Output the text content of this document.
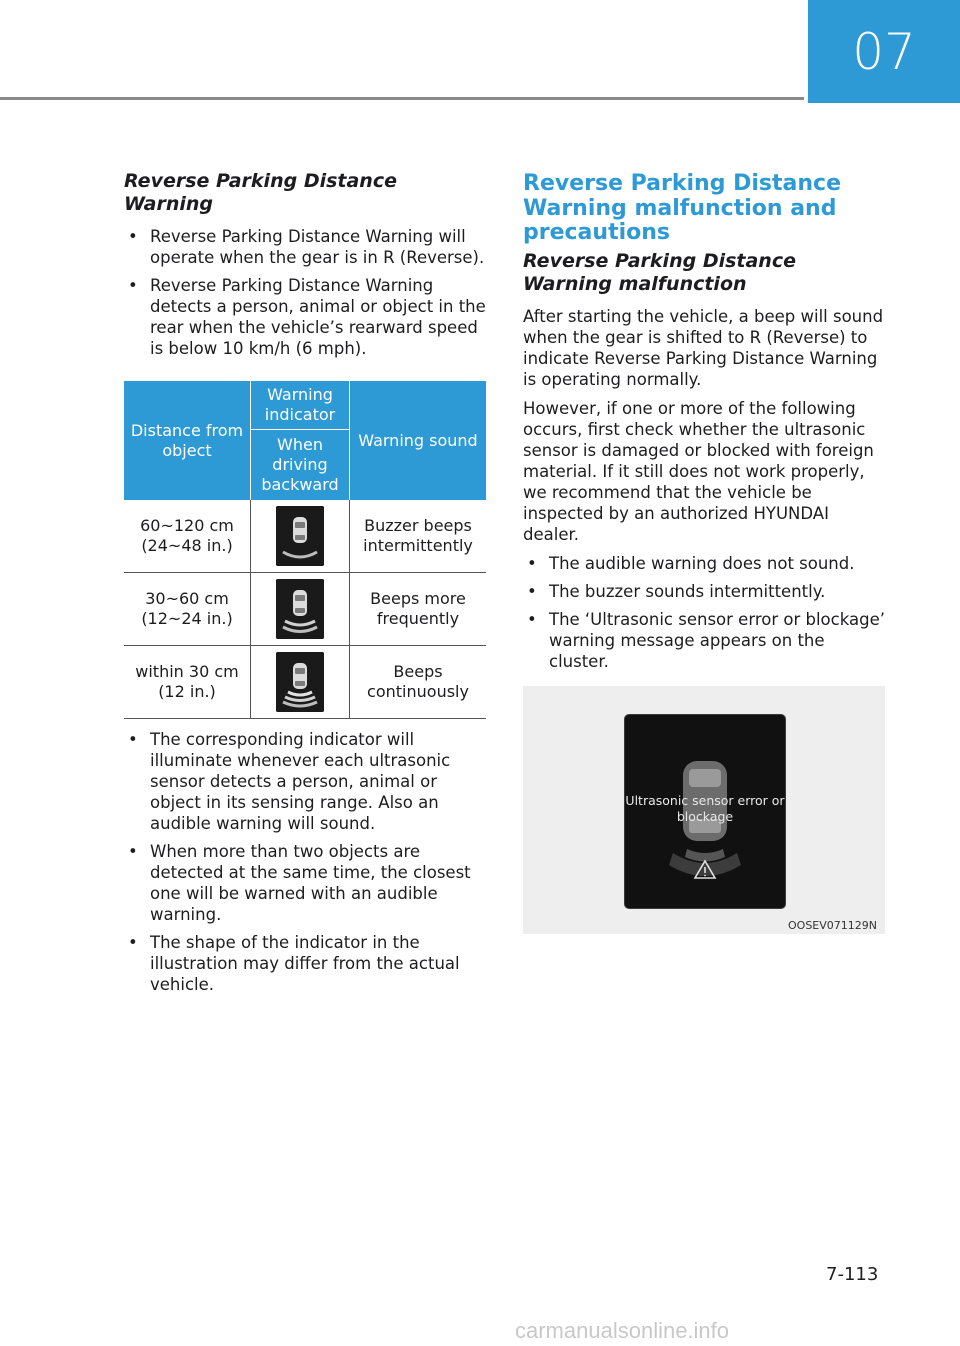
07
Reverse Parking Distance Warning
• Reverse Parking Distance Warning will operate when the gear is in R (Reverse).
• Reverse Parking Distance Warning detects a person, animal or object in the rear when the vehicle’s rearward speed is below 10 km/h (6 mph).
Distance from object	Warning indicator	Warning sound
	When driving backward	
60~120 cm (24~48 in.)		Buzzer beeps intermittently
30~60 cm (12~24 in.)		Beeps more frequently
within 30 cm (12 in.)		Beeps continuously
• The corresponding indicator will illuminate whenever each ultrasonic sensor detects a person, animal or object in its sensing range. Also an audible warning will sound.
• When more than two objects are detected at the same time, the closest one will be warned with an audible warning.
• The shape of the indicator in the illustration may differ from the actual vehicle.
Reverse Parking Distance Warning malfunction and precautions
Reverse Parking Distance Warning malfunction

After starting the vehicle, a beep will sound when the gear is shifted to R (Reverse) to indicate Reverse Parking Distance Warning is operating normally.

However, if one or more of the following occurs, first check whether the ultrasonic sensor is damaged or blocked with foreign material. If it still does not work properly, we recommend that the vehicle be inspected by an authorized HYUNDAI dealer.

• The audible warning does not sound.
• The buzzer sounds intermittently.
• The ‘Ultrasonic sensor error or blockage’ warning message appears on the cluster.
Ultrasonic sensor error or blockage
OOSEV071129N
7-113
carmanualsonline.info
